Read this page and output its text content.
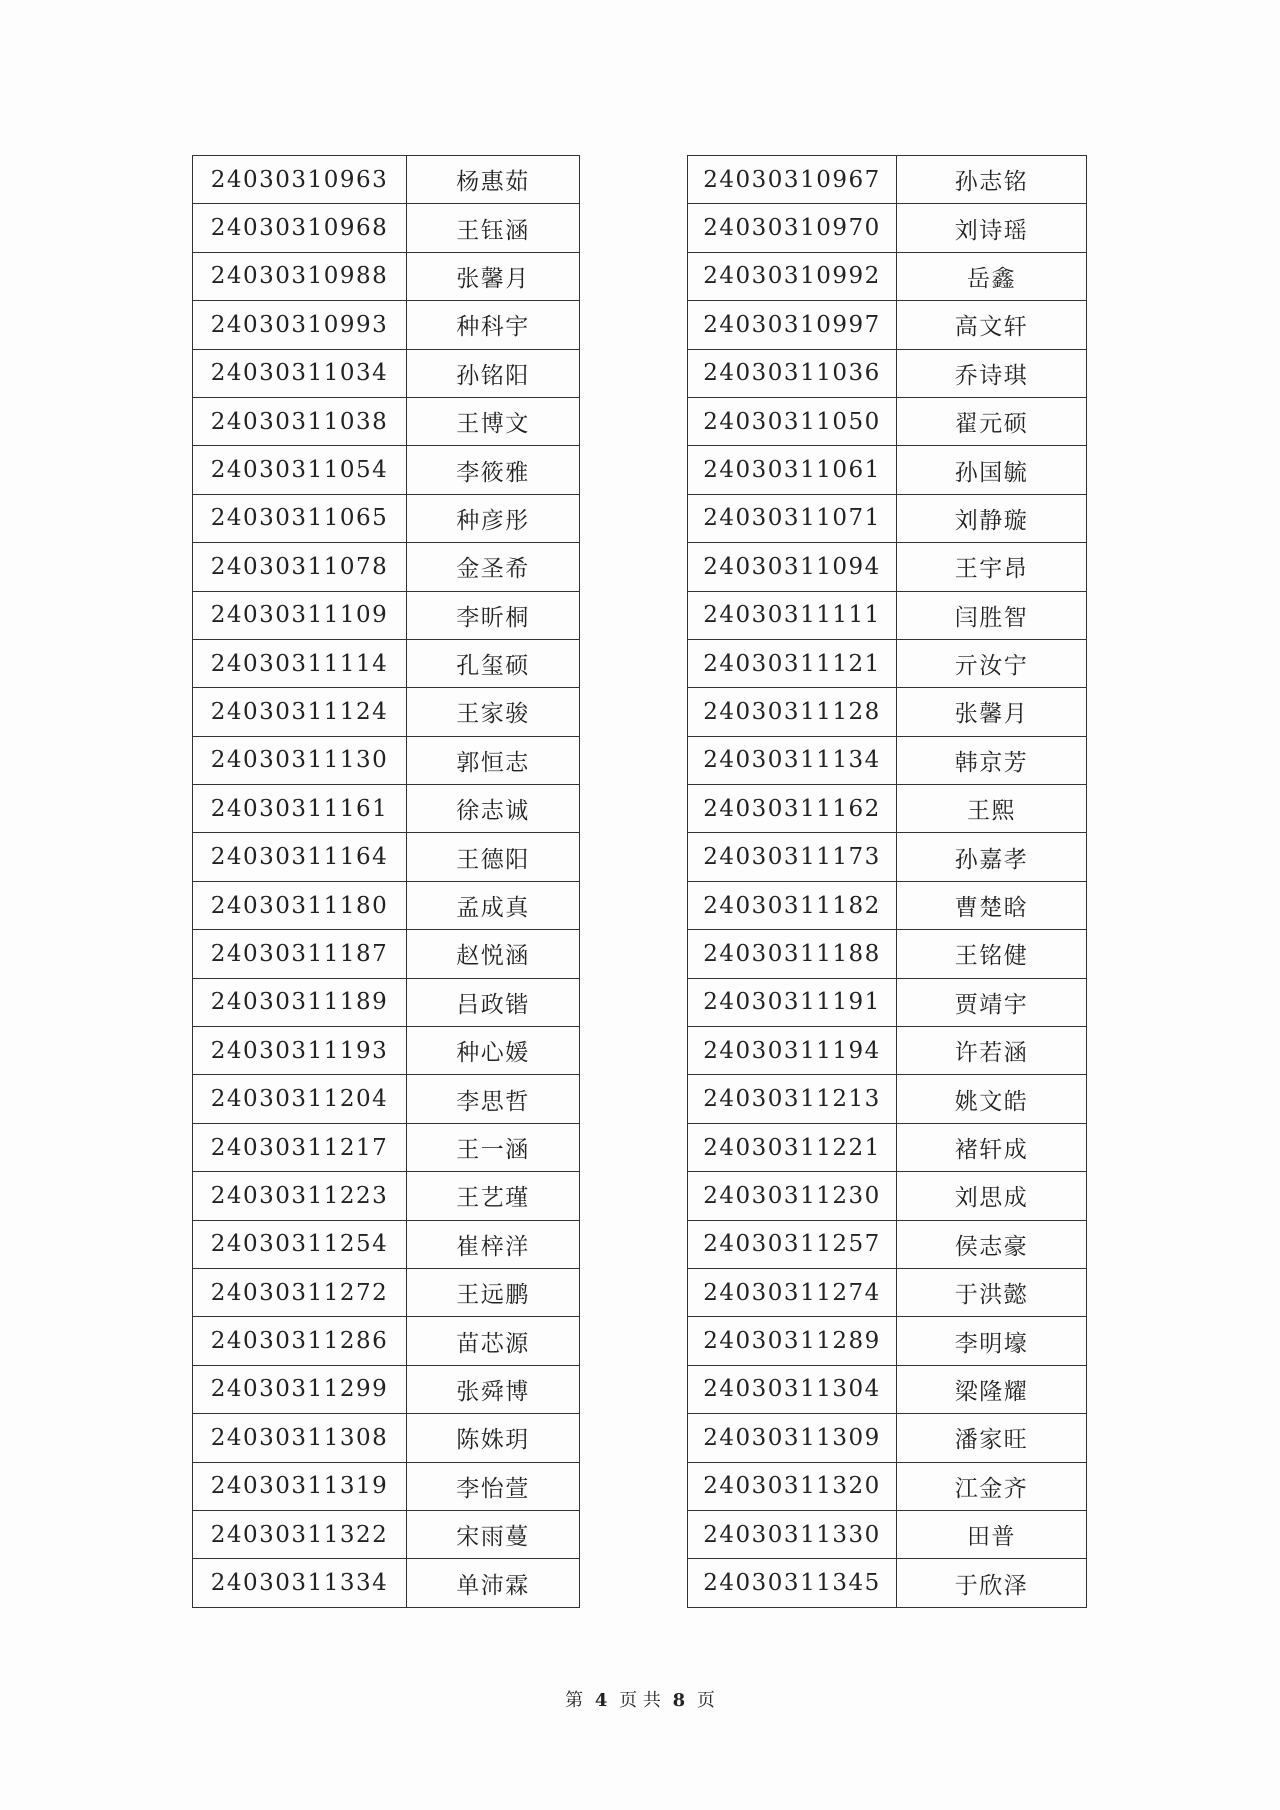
24030310963	杨惠茹
24030310968	王钰涵
24030310988	张馨月
24030310993	种科宇
24030311034	孙铭阳
24030311038	王博文
24030311054	李筱雅
24030311065	种彦彤
24030311078	金圣希
24030311109	李昕桐
24030311114	孔玺硕
24030311124	王家骏
24030311130	郭恒志
24030311161	徐志诚
24030311164	王德阳
24030311180	孟成真
24030311187	赵悦涵
24030311189	吕政锴
24030311193	种心媛
24030311204	李思哲
24030311217	王一涵
24030311223	王艺瑾
24030311254	崔梓洋
24030311272	王远鹏
24030311286	苗芯源
24030311299	张舜博
24030311308	陈姝玥
24030311319	李怡萱
24030311322	宋雨蔓
24030311334	单沛霖
24030310967	孙志铭
24030310970	刘诗瑶
24030310992	岳鑫
24030310997	高文轩
24030311036	乔诗琪
24030311050	翟元硕
24030311061	孙国毓
24030311071	刘静璇
24030311094	王宇昂
24030311111	闫胜智
24030311121	亓汝宁
24030311128	张馨月
24030311134	韩京芳
24030311162	王熙
24030311173	孙嘉孝
24030311182	曹楚晗
24030311188	王铭健
24030311191	贾靖宇
24030311194	许若涵
24030311213	姚文皓
24030311221	褚轩成
24030311230	刘思成
24030311257	侯志豪
24030311274	于洪懿
24030311289	李明壕
24030311304	梁隆耀
24030311309	潘家旺
24030311320	江金齐
24030311330	田普
24030311345	于欣泽
第 4 页 共 8 页
